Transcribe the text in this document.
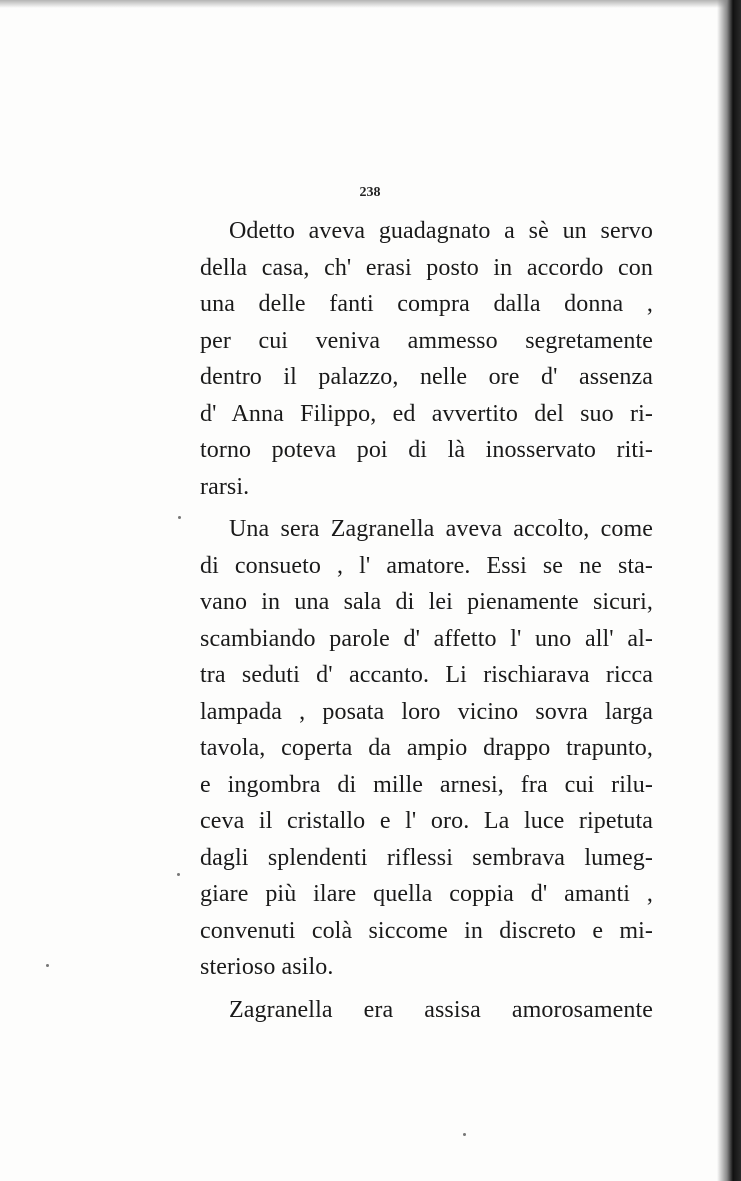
238
Odetto aveva guadagnato a sè un servo
della casa, ch' erasi posto in accordo con
una delle fanti compra dalla donna ,
per cui veniva ammesso segretamente
dentro il palazzo, nelle ore d' assenza
d' Anna Filippo, ed avvertito del suo ri-
torno poteva poi di là inosservato riti-
rarsi.
Una sera Zagranella aveva accolto, come
di consueto , l' amatore. Essi se ne sta-
vano in una sala di lei pienamente sicuri,
scambiando parole d' affetto l' uno all' al-
tra seduti d' accanto. Li rischiarava ricca
lampada , posata loro vicino sovra larga
tavola, coperta da ampio drappo trapunto,
e ingombra di mille arnesi, fra cui rilu-
ceva il cristallo e l' oro. La luce ripetuta
dagli splendenti riflessi sembrava lumeg-
giare più ilare quella coppia d' amanti ,
convenuti colà siccome in discreto e mi-
sterioso asilo.
Zagranella era assisa amorosamente
